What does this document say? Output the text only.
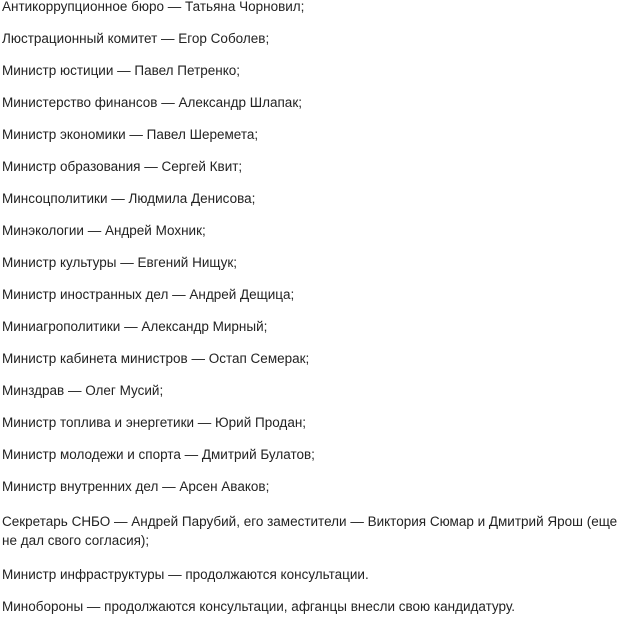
Антикоррупционное бюро — Татьяна Чорновил;
Люстрационный комитет — Егор Соболев;
Министр юстиции — Павел Петренко;
Министерство финансов — Александр Шлапак;
Министр экономики — Павел Шеремета;
Министр образования — Сергей Квит;
Минсоцполитики — Людмила Денисова;
Минэкологии — Андрей Мохник;
Министр культуры — Евгений Нищук;
Министр иностранных дел — Андрей Дещица;
Миниагрополитики — Александр Мирный;
Министр кабинета министров — Остап Семерак;
Минздрав — Олег Мусий;
Министр топлива и энергетики — Юрий Продан;
Министр молодежи и спорта — Дмитрий Булатов;
Министр внутренних дел — Арсен Аваков;
Секретарь СНБО — Андрей Парубий, его заместители — Виктория Сюмар и Дмитрий Ярош (еще не дал свого согласия);
Министр инфраструктуры — продолжаются консультации.
Минобороны — продолжаются консультации, афганцы внесли свою кандидатуру.
